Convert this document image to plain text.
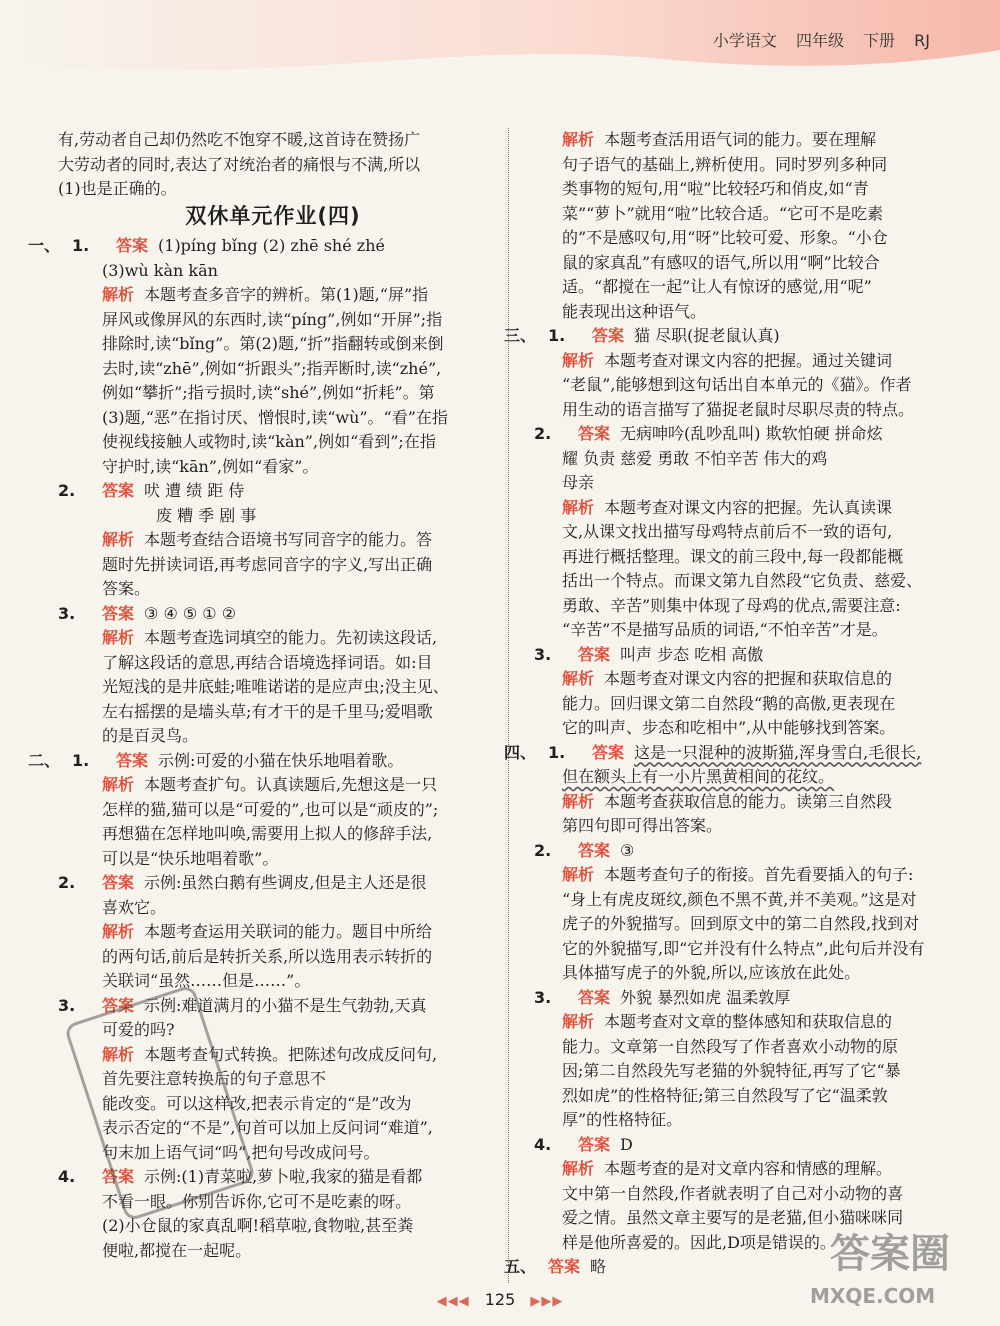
小学语文 四年级 下册 RJ

有,劳动者自己却仍然吃不饱穿不暖,这首诗在赞扬广

大劳动者的同时,表达了对统治者的痛恨与不满,所以

(1)也是正确的。

双休单元作业(四)

一、 1. 答案 (1)píng bǐng (2) zhē shé zhé

(3)wù kàn kān

解析 本题考查多音字的辨析。第(1)题,“屏”指

屏风或像屏风的东西时,读“píng”,例如“开屏”;指

排除时,读“bǐng”。第(2)题,“折”指翻转或倒来倒

去时,读“zhē”,例如“折跟头”;指弄断时,读“zhé”,

例如“攀折”;指亏损时,读“shé”,例如“折耗”。第

(3)题,“恶”在指讨厌、憎恨时,读“wù”。“看”在指

使视线接触人或物时,读“kàn”,例如“看到”;在指

守护时,读“kān”,例如“看家”。

2. 答案 吠 遭 绩 距 侍

废 糟 季 剧 事

解析 本题考查结合语境书写同音字的能力。答

题时先拼读词语,再考虑同音字的字义,写出正确

答案。

3. 答案 ③ ④ ⑤ ① ②

解析 本题考查选词填空的能力。先初读这段话,

了解这段话的意思,再结合语境选择词语。如:目

光短浅的是井底蛙;唯唯诺诺的是应声虫;没主见、

左右摇摆的是墙头草;有才干的是千里马;爱唱歌

的是百灵鸟。

二、 1. 答案 示例:可爱的小猫在快乐地唱着歌。

解析 本题考查扩句。认真读题后,先想这是一只

怎样的猫,猫可以是“可爱的”,也可以是“顽皮的”;

再想猫在怎样地叫唤,需要用上拟人的修辞手法,

可以是“快乐地唱着歌”。

2. 答案 示例:虽然白鹅有些调皮,但是主人还是很

喜欢它。

解析 本题考查运用关联词的能力。题目中所给

的两句话,前后是转折关系,所以选用表示转折的

关联词“虽然……但是……”。

3. 答案 示例:难道满月的小猫不是生气勃勃,天真

可爱的吗?

解析 本题考查句式转换。把陈述句改成反问句,

首先要注意转换后的句子意思不

能改变。可以这样改,把表示肯定的“是”改为

表示否定的“不是”,句首可以加上反问词“难道”,

句末加上语气词“吗”,把句号改成问号。

4. 答案 示例:(1)青菜啦,萝卜啦,我家的猫是看都

不看一眼。你别告诉你,它可不是吃素的呀。

(2)小仓鼠的家真乱啊!稻草啦,食物啦,甚至粪

便啦,都搅在一起呢。

解析 本题考查活用语气词的能力。要在理解

句子语气的基础上,辨析使用。同时罗列多种同

类事物的短句,用“啦”比较轻巧和俏皮,如“青

菜”“萝卜”就用“啦”比较合适。“它可不是吃素

的”不是感叹句,用“呀”比较可爱、形象。“小仓

鼠的家真乱”有感叹的语气,所以用“啊”比较合

适。“都搅在一起”让人有惊讶的感觉,用“呢”

能表现出这种语气。

三、 1. 答案 猫 尽职(捉老鼠认真)

解析 本题考查对课文内容的把握。通过关键词

“老鼠”,能够想到这句话出自本单元的《猫》。作者

用生动的语言描写了猫捉老鼠时尽职尽责的特点。

2. 答案 无病呻吟(乱吵乱叫) 欺软怕硬 拼命炫

耀 负责 慈爱 勇敢 不怕辛苦 伟大的鸡

母亲

解析 本题考查对课文内容的把握。先认真读课

文,从课文找出描写母鸡特点前后不一致的语句,

再进行概括整理。课文的前三段中,每一段都能概

括出一个特点。而课文第九自然段“它负责、慈爱、

勇敢、辛苦”则集中体现了母鸡的优点,需要注意:

“辛苦”不是描写品质的词语,“不怕辛苦”才是。

3. 答案 叫声 步态 吃相 高傲

解析 本题考查对课文内容的把握和获取信息的

能力。回归课文第二自然段“鹅的高傲,更表现在

它的叫声、步态和吃相中”,从中能够找到答案。

四、 1. 答案 这是一只混种的波斯猫,浑身雪白,毛很长,

但在额头上有一小片黑黄相间的花纹。

解析 本题考查获取信息的能力。读第三自然段

第四句即可得出答案。

2. 答案 ③

解析 本题考查句子的衔接。首先看要插入的句子:

“身上有虎皮斑纹,颜色不黑不黄,并不美观。”这是对

虎子的外貌描写。回到原文中的第二自然段,找到对

它的外貌描写,即“它并没有什么特点”,此句后并没有

具体描写虎子的外貌,所以,应该放在此处。

3. 答案 外貌 暴烈如虎 温柔敦厚

解析 本题考查对文章的整体感知和获取信息的

能力。文章第一自然段写了作者喜欢小动物的原

因;第二自然段先写老猫的外貌特征,再写了它“暴

烈如虎”的性格特征;第三自然段写了它“温柔敦

厚”的性格特征。

4. 答案 D

解析 本题考查的是对文章内容和情感的理解。

文中第一自然段,作者就表明了自己对小动物的喜

爱之情。虽然文章主要写的是老猫,但小猫咪咪同

样是他所喜爱的。因此,D项是错误的。

五、 答案 略	答案圈
MXQE.COM
◀◀◀ 125 ▶▶▶
